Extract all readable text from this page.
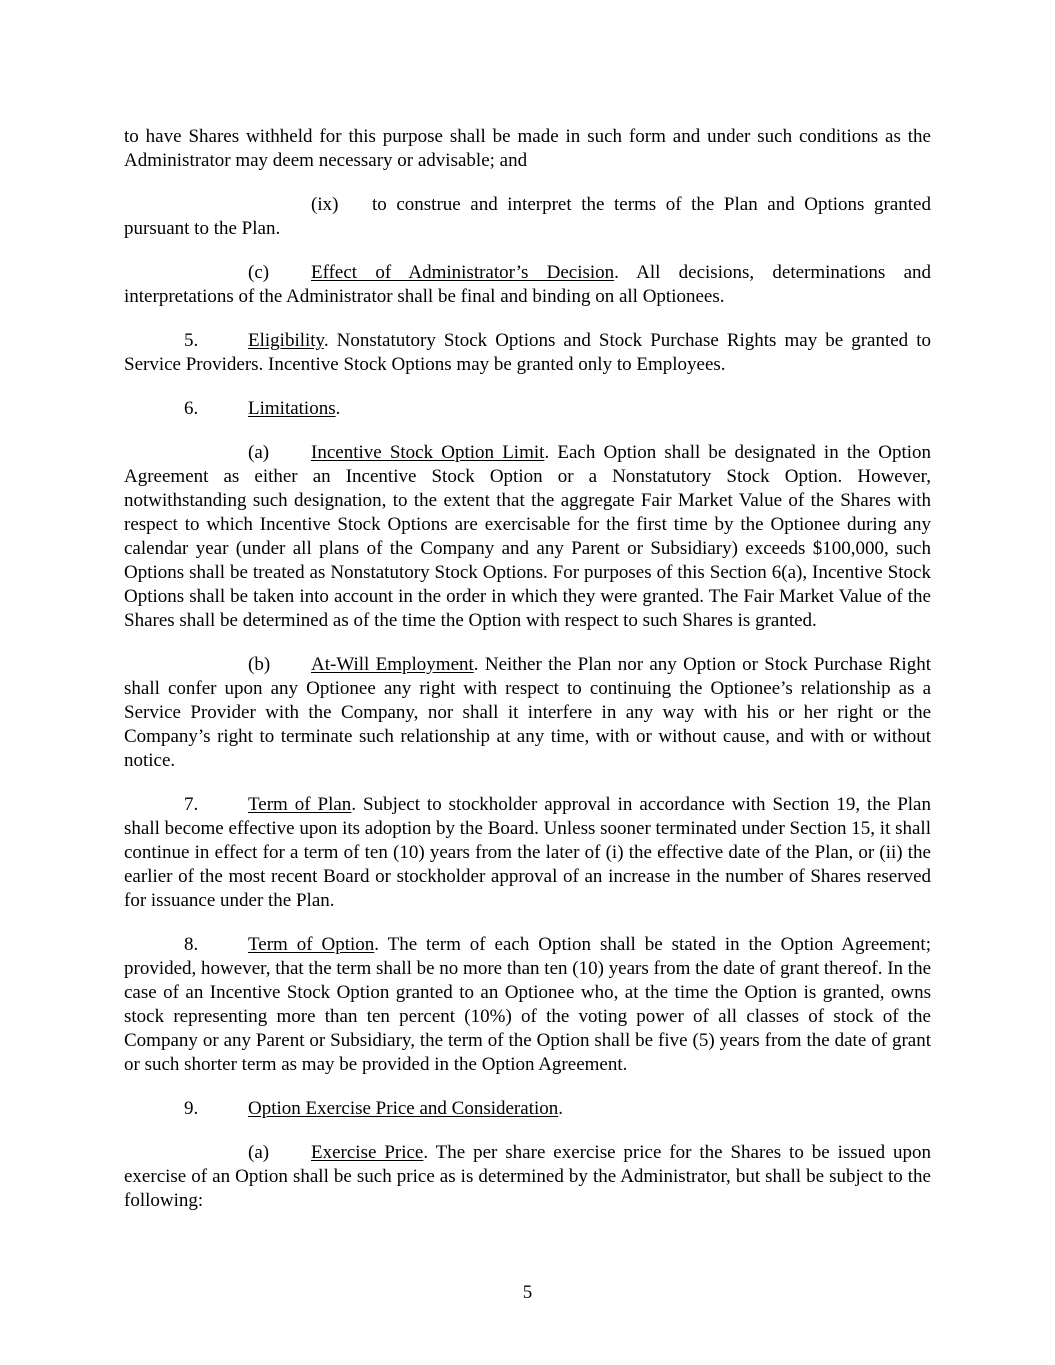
to have Shares withheld for this purpose shall be made in such form and under such conditions as the Administrator may deem necessary or advisable; and

(ix) to construe and interpret the terms of the Plan and Options granted pursuant to the Plan.

(c) Effect of Administrator’s Decision. All decisions, determinations and interpretations of the Administrator shall be final and binding on all Optionees.

5.	Eligibility. Nonstatutory Stock Options and Stock Purchase Rights may be granted to Service Providers. Incentive Stock Options may be granted only to Employees.

6.	Limitations.

(a) Incentive Stock Option Limit. Each Option shall be designated in the Option Agreement as either an Incentive Stock Option or a Nonstatutory Stock Option. However, notwithstanding such designation, to the extent that the aggregate Fair Market Value of the Shares with respect to which Incentive Stock Options are exercisable for the first time by the Optionee during any calendar year (under all plans of the Company and any Parent or Subsidiary) exceeds $100,000, such Options shall be treated as Nonstatutory Stock Options. For purposes of this Section 6(a), Incentive Stock Options shall be taken into account in the order in which they were granted. The Fair Market Value of the Shares shall be determined as of the time the Option with respect to such Shares is granted.

(b) At-Will Employment. Neither the Plan nor any Option or Stock Purchase Right shall confer upon any Optionee any right with respect to continuing the Optionee’s relationship as a Service Provider with the Company, nor shall it interfere in any way with his or her right or the Company’s right to terminate such relationship at any time, with or without cause, and with or without notice.

7.	Term of Plan. Subject to stockholder approval in accordance with Section 19, the Plan shall become effective upon its adoption by the Board. Unless sooner terminated under Section 15, it shall continue in effect for a term of ten (10) years from the later of (i) the effective date of the Plan, or (ii) the earlier of the most recent Board or stockholder approval of an increase in the number of Shares reserved for issuance under the Plan.

8.	Term of Option. The term of each Option shall be stated in the Option Agreement; provided, however, that the term shall be no more than ten (10) years from the date of grant thereof. In the case of an Incentive Stock Option granted to an Optionee who, at the time the Option is granted, owns stock representing more than ten percent (10%) of the voting power of all classes of stock of the Company or any Parent or Subsidiary, the term of the Option shall be five (5) years from the date of grant or such shorter term as may be provided in the Option Agreement.

9.	Option Exercise Price and Consideration.

(a) Exercise Price. The per share exercise price for the Shares to be issued upon exercise of an Option shall be such price as is determined by the Administrator, but shall be subject to the following:

5
